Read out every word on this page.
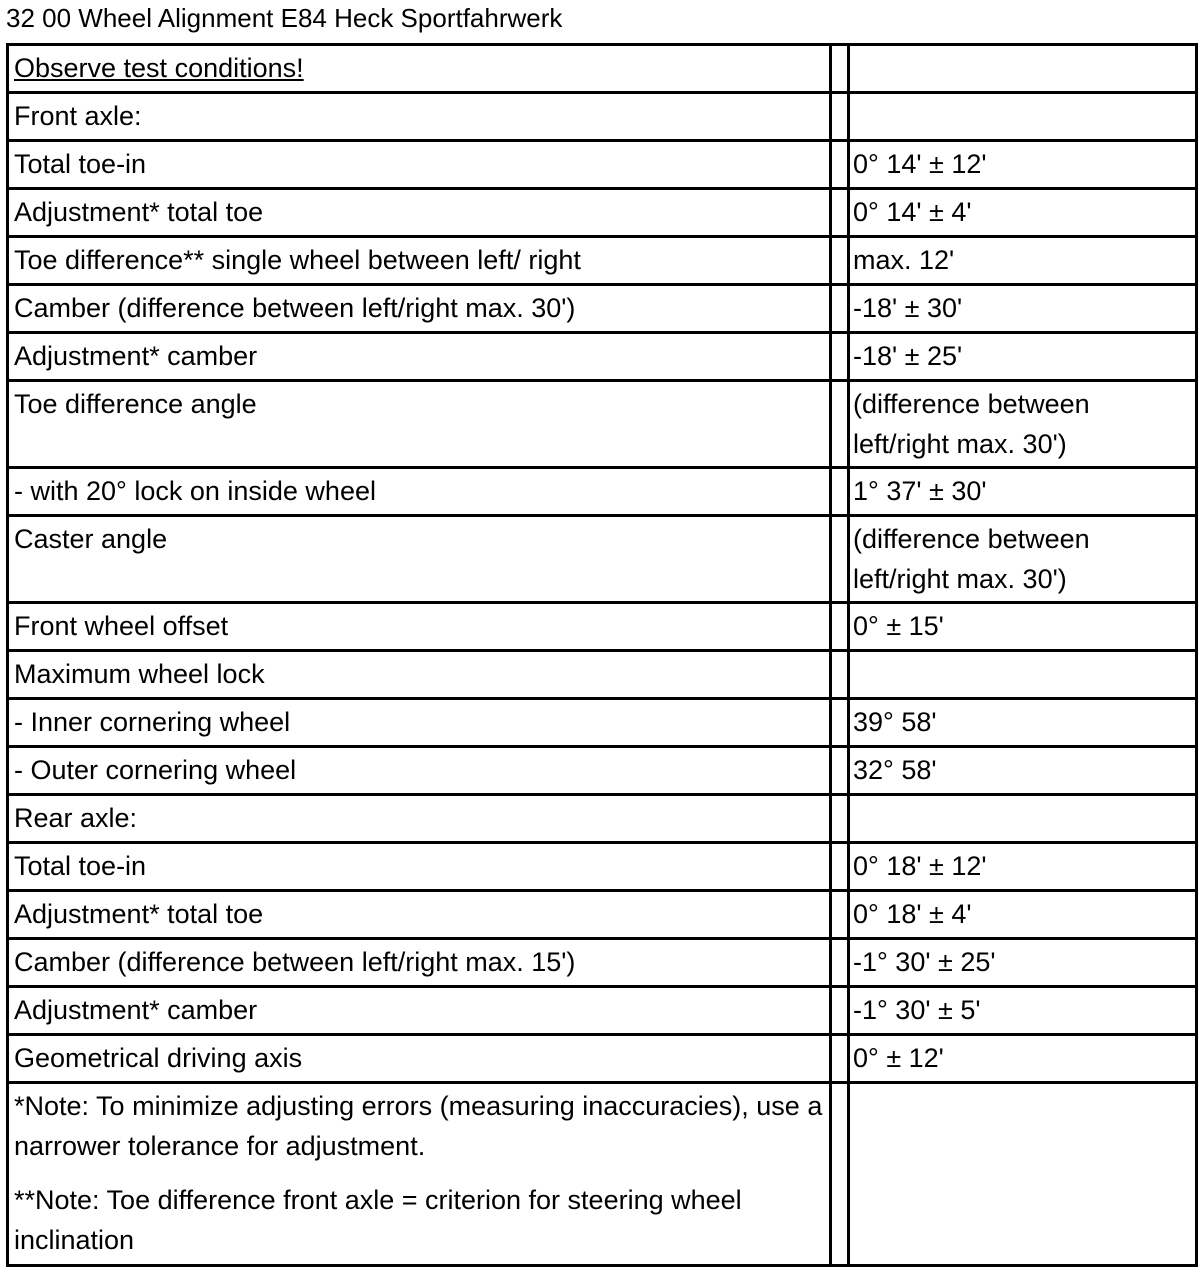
32 00 Wheel Alignment E84 Heck Sportfahrwerk
Observe test conditions!		
Front axle:		
Total toe-in		0° 14' ± 12'
Adjustment* total toe		0° 14' ± 4'
Toe difference** single wheel between left/ right		max. 12'
Camber (difference between left/right max. 30')		-18' ± 30'
Adjustment* camber		-18' ± 25'
Toe difference angle		(difference between left/right max. 30')
- with 20° lock on inside wheel		1° 37' ± 30'
Caster angle		(difference between left/right max. 30')
Front wheel offset		0° ± 15'
Maximum wheel lock		
- Inner cornering wheel		39° 58'
- Outer cornering wheel		32° 58'
Rear axle:		
Total toe-in		0° 18' ± 12'
Adjustment* total toe		0° 18' ± 4'
Camber (difference between left/right max. 15')		-1° 30' ± 25'
Adjustment* camber		-1° 30' ± 5'
Geometrical driving axis		0° ± 12'

*Note: To minimize adjusting errors (measuring inaccuracies), use a narrower tolerance for adjustment.

**Note: Toe difference front axle = criterion for steering wheel inclination		
